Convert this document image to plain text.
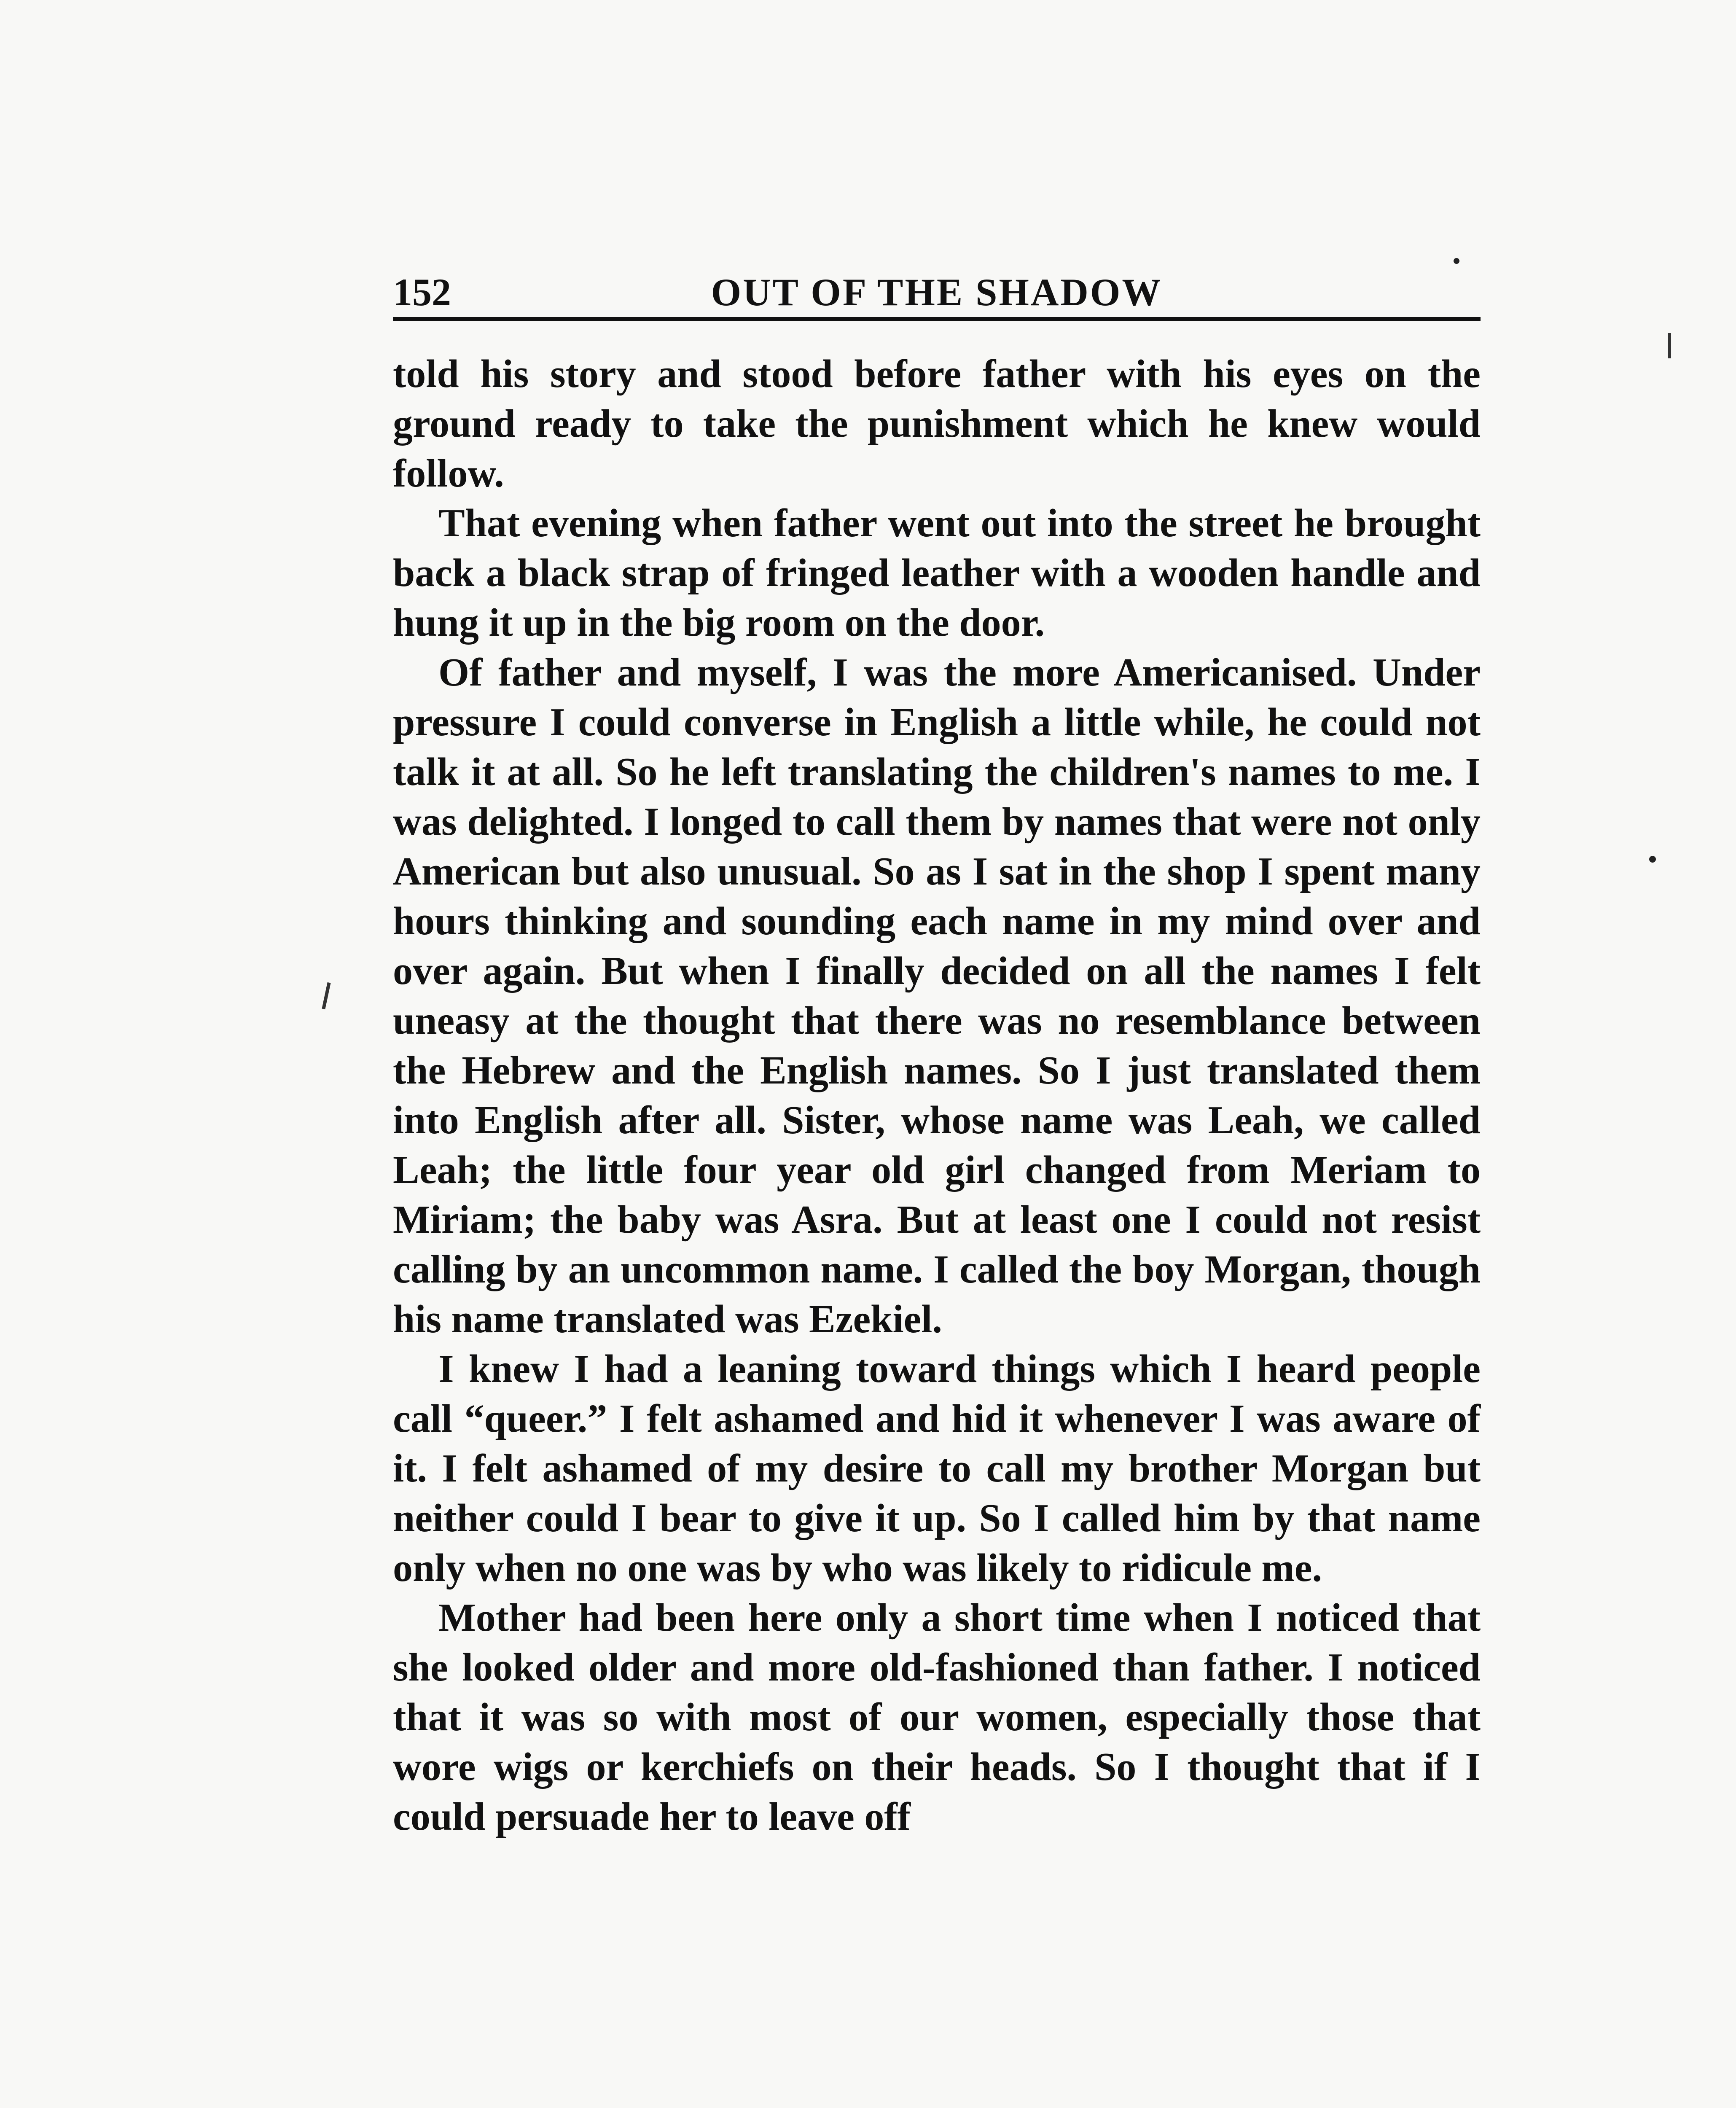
152	OUT OF THE SHADOW

told his story and stood before father with his eyes on the ground ready to take the punishment which he knew would follow.

That evening when father went out into the street he brought back a black strap of fringed leather with a wooden handle and hung it up in the big room on the door.

Of father and myself, I was the more Americanised. Under pressure I could converse in English a little while, he could not talk it at all. So he left translating the children's names to me. I was delighted. I longed to call them by names that were not only American but also unusual. So as I sat in the shop I spent many hours thinking and sounding each name in my mind over and over again. But when I finally decided on all the names I felt uneasy at the thought that there was no resemblance between the Hebrew and the English names. So I just translated them into English after all. Sister, whose name was Leah, we called Leah; the little four year old girl changed from Meriam to Miriam; the baby was Asra. But at least one I could not resist calling by an uncommon name. I called the boy Morgan, though his name translated was Ezekiel.

I knew I had a leaning toward things which I heard people call “queer.” I felt ashamed and hid it whenever I was aware of it. I felt ashamed of my desire to call my brother Morgan but neither could I bear to give it up. So I called him by that name only when no one was by who was likely to ridicule me.

Mother had been here only a short time when I noticed that she looked older and more old-fashioned than father. I noticed that it was so with most of our women, especially those that wore wigs or kerchiefs on their heads. So I thought that if I could persuade her to leave off
